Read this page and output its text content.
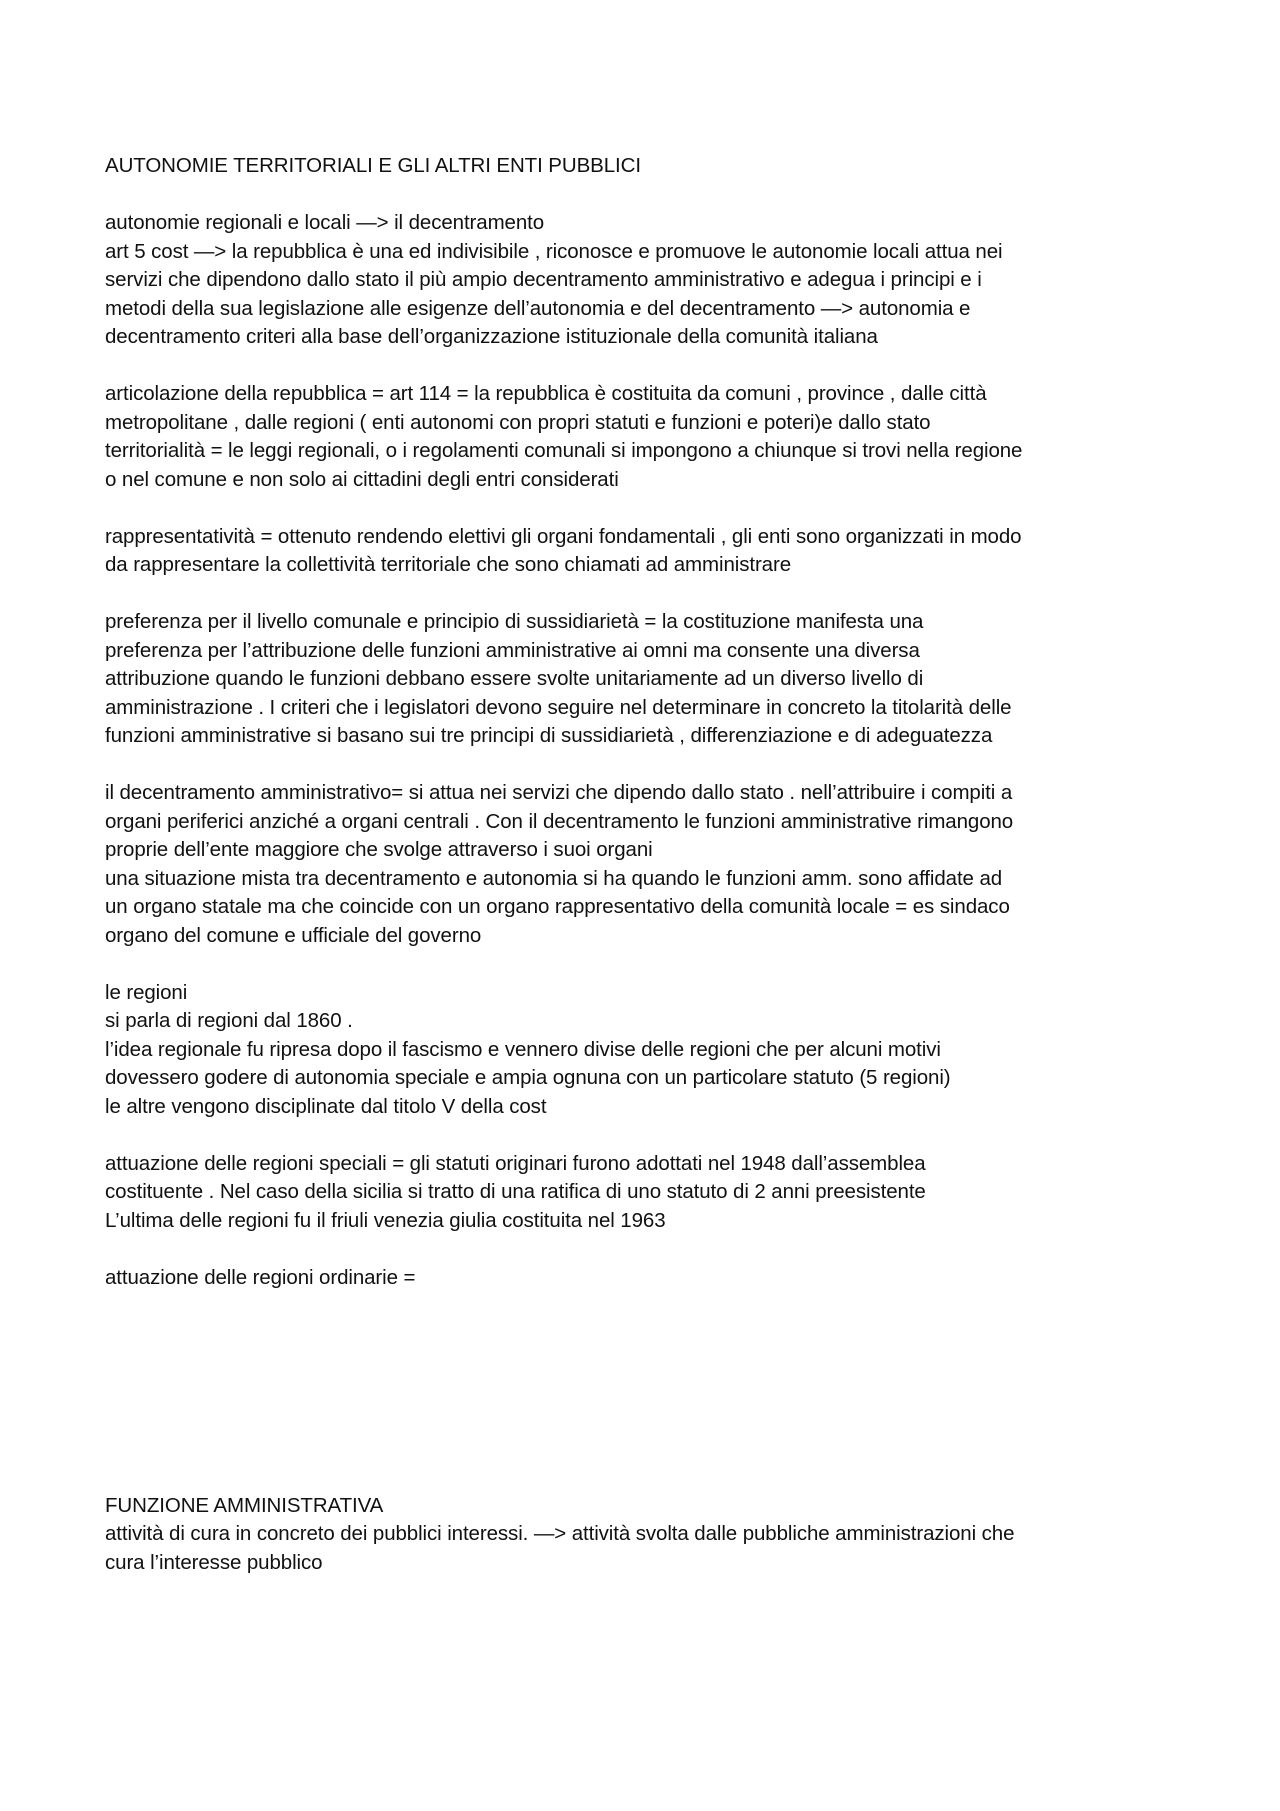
AUTONOMIE TERRITORIALI E GLI ALTRI ENTI PUBBLICI
autonomie regionali e locali —> il decentramento
art 5 cost —> la repubblica è una ed indivisibile , riconosce e promuove le autonomie locali attua nei
servizi che dipendono dallo stato il più ampio decentramento amministrativo e adegua i principi e i
metodi della sua legislazione alle esigenze dell’autonomia e del decentramento —> autonomia e
decentramento criteri alla base dell’organizzazione istituzionale della comunità italiana
articolazione della repubblica = art 114 = la repubblica è costituita da comuni , province , dalle città
metropolitane , dalle regioni ( enti autonomi con propri statuti e funzioni e poteri)e dallo stato
territorialità = le leggi regionali, o i regolamenti comunali si impongono a chiunque si trovi nella regione
o nel comune e non solo ai cittadini degli entri considerati
rappresentatività = ottenuto rendendo elettivi gli organi fondamentali , gli enti sono organizzati in modo
da rappresentare la collettività territoriale che sono chiamati ad amministrare
preferenza per il livello comunale e principio di sussidiarietà = la costituzione manifesta una
preferenza per l’attribuzione delle funzioni amministrative ai omni ma consente una diversa
attribuzione quando le funzioni debbano essere svolte unitariamente ad un diverso livello di
amministrazione . I criteri che i legislatori devono seguire nel determinare in concreto la titolarità delle
funzioni amministrative si basano sui tre principi di sussidiarietà , differenziazione e di adeguatezza
il decentramento amministrativo= si attua nei servizi che dipendo dallo stato . nell’attribuire i compiti a
organi periferici anziché a organi centrali . Con il decentramento le funzioni amministrative rimangono
proprie dell’ente maggiore che svolge attraverso i suoi organi
una situazione mista tra decentramento e autonomia si ha quando le funzioni amm. sono affidate ad
un organo statale ma che coincide con un organo rappresentativo della comunità locale = es sindaco
organo del comune e ufficiale del governo
le regioni
si parla di regioni dal 1860 .
l’idea regionale fu ripresa dopo il fascismo e vennero divise delle regioni che per alcuni motivi
dovessero godere di autonomia speciale e ampia ognuna con un particolare statuto (5 regioni)
le altre vengono disciplinate dal titolo V della cost
attuazione delle regioni speciali = gli statuti originari furono adottati nel 1948 dall’assemblea
costituente . Nel caso della sicilia si tratto di una ratifica di uno statuto di 2 anni preesistente
L’ultima delle regioni fu il friuli venezia giulia costituita nel 1963
attuazione delle regioni ordinarie =
FUNZIONE AMMINISTRATIVA
attività di cura in concreto dei pubblici interessi. —> attività svolta dalle pubbliche amministrazioni che
cura l’interesse pubblico
